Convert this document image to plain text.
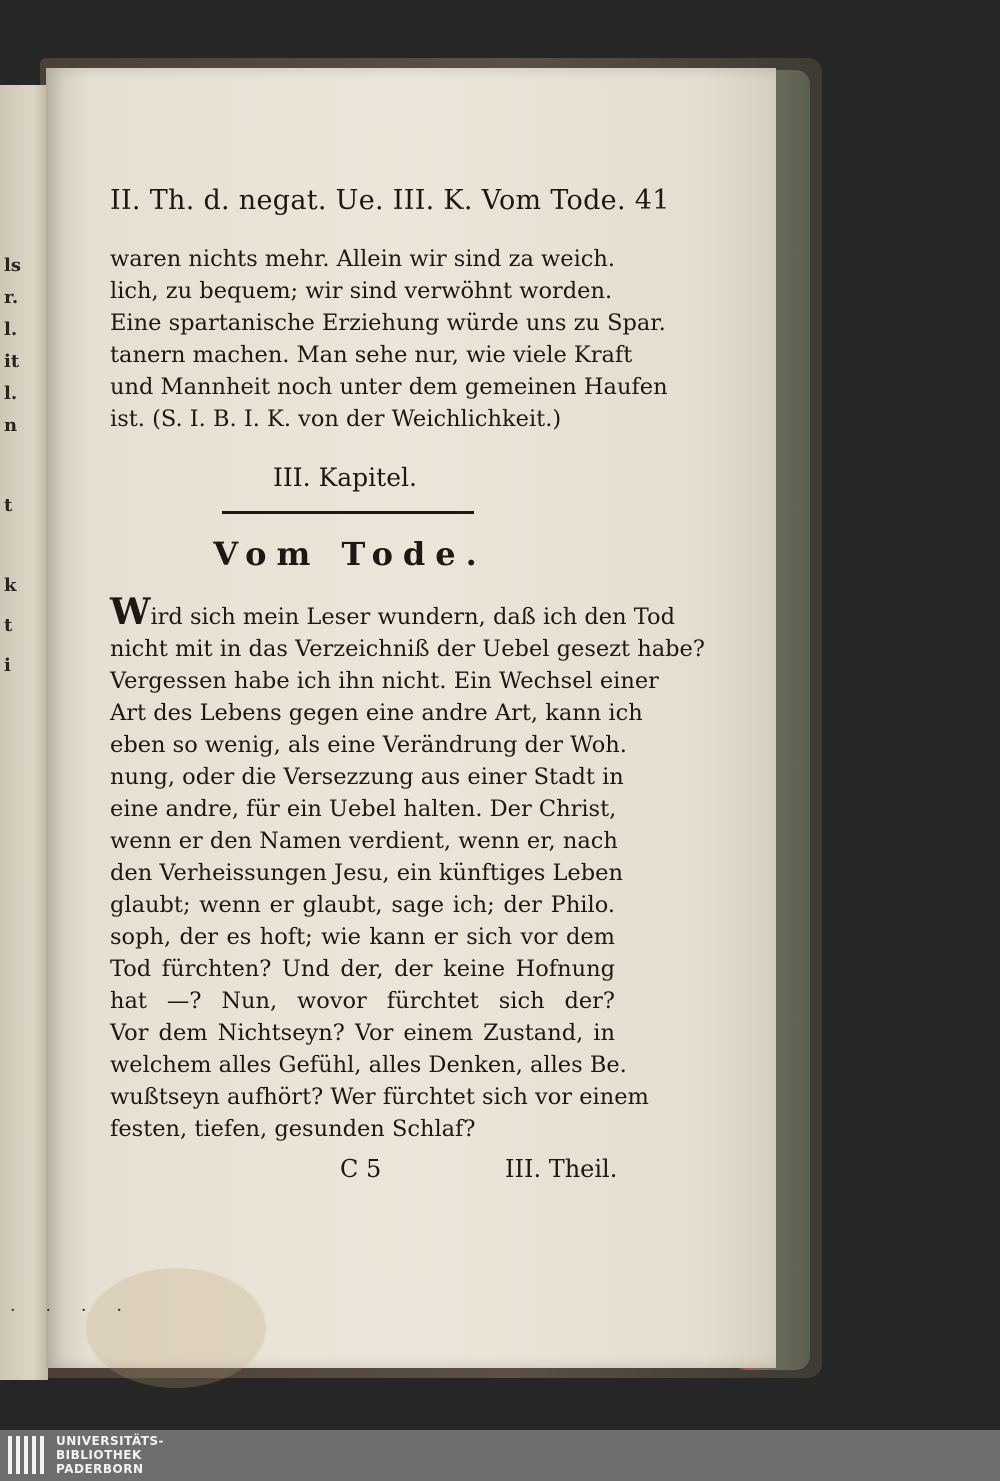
ls
r.
l.
it
l.
n
t
k
t
i
II. Th. d. negat. Ue. III. K. Vom Tode. 41
waren nichts mehr. Allein wir sind za weich.
lich, zu bequem; wir sind verwöhnt worden.
Eine spartanische Erziehung würde uns zu Spar.
tanern machen. Man sehe nur, wie viele Kraft
und Mannheit noch unter dem gemeinen Haufen
ist. (S. I. B. I. K. von der Weichlichkeit.)
III. Kapitel.
Vom Tode.
Wird sich mein Leser wundern, daß ich den Tod
nicht mit in das Verzeichniß der Uebel gesezt habe?
Vergessen habe ich ihn nicht. Ein Wechsel einer
Art des Lebens gegen eine andre Art, kann ich
eben so wenig, als eine Verändrung der Woh.
nung, oder die Versezzung aus einer Stadt in
eine andre, für ein Uebel halten. Der Christ,
wenn er den Namen verdient, wenn er, nach
den Verheissungen Jesu, ein künftiges Leben
glaubt; wenn er glaubt, sage ich; der Philo.
soph, der es hoft; wie kann er sich vor dem
Tod fürchten? Und der, der keine Hofnung
hat —? Nun, wovor fürchtet sich der?
Vor dem Nichtseyn? Vor einem Zustand, in
welchem alles Gefühl, alles Denken, alles Be.
wußtseyn aufhört? Wer fürchtet sich vor einem
festen, tiefen, gesunden Schlaf?
C 5	III. Theil.
· · · ·
UNIVERSITÄTS-
BIBLIOTHEK
PADERBORN
